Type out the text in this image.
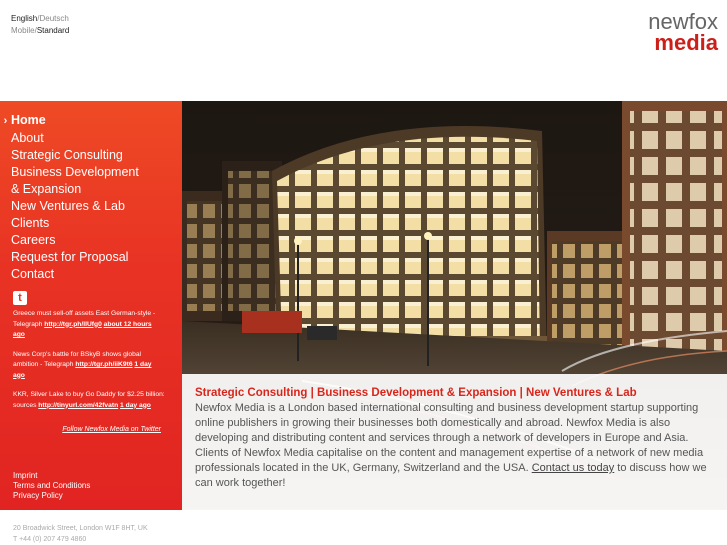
English/Deutsch
Mobile/Standard	newfox
media
› Home
About
Strategic Consulting
Business Development
& Expansion
New Ventures & Lab
Clients
Careers
Request for Proposal
Contact
t
Greece must sell-off assets East German-style - Telegraph http://tgr.ph/lIUfg0 about 12 hours ago
News Corp's battle for BSkyB shows global ambition - Telegraph http://tgr.ph/iiK9t6 1 day ago
KKR, Silver Lake to buy Go Daddy for $2.25 billion: sources http://tinyurl.com/42fvatn 1 day ago
Follow Newfox Media on Twitter
Imprint
Terms and Conditions
Privacy Policy
Strategic Consulting | Business Development & Expansion | New Ventures & Lab
Newfox Media is a London based international consulting and business development startup supporting online publishers in growing their businesses both domestically and abroad. Newfox Media is also developing and distributing content and services through a network of developers in Europe and Asia. Clients of Newfox Media capitalise on the content and management expertise of a network of new media professionals located in the UK, Germany, Switzerland and the USA. Contact us today to discuss how we can work together!
20 Broadwick Street, London W1F 8HT, UK
T +44 (0) 207 479 4860
